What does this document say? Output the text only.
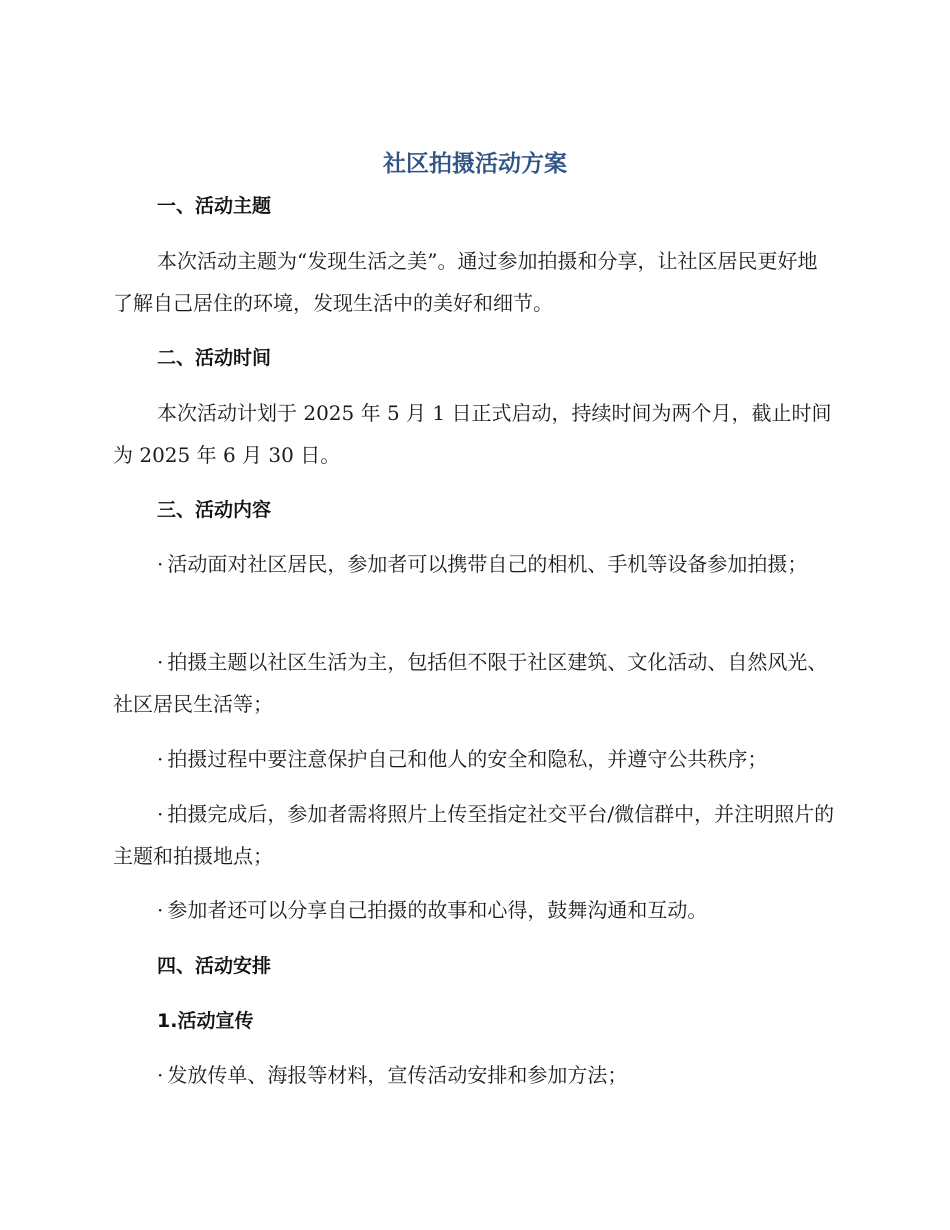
社区拍摄活动方案
一、活动主题
本次活动主题为“发现生活之美”。通过参加拍摄和分享，让社区居民更好地了解自己居住的环境，发现生活中的美好和细节。
二、活动时间
本次活动计划于 2025 年 5 月 1 日正式启动，持续时间为两个月，截止时间为 2025 年 6 月 30 日。
三、活动内容
· 活动面对社区居民，参加者可以携带自己的相机、手机等设备参加拍摄；
· 拍摄主题以社区生活为主，包括但不限于社区建筑、文化活动、自然风光、社区居民生活等；
· 拍摄过程中要注意保护自己和他人的安全和隐私，并遵守公共秩序；
· 拍摄完成后，参加者需将照片上传至指定社交平台/微信群中，并注明照片的主题和拍摄地点；
· 参加者还可以分享自己拍摄的故事和心得，鼓舞沟通和互动。
四、活动安排
1.活动宣传
· 发放传单、海报等材料，宣传活动安排和参加方法；
